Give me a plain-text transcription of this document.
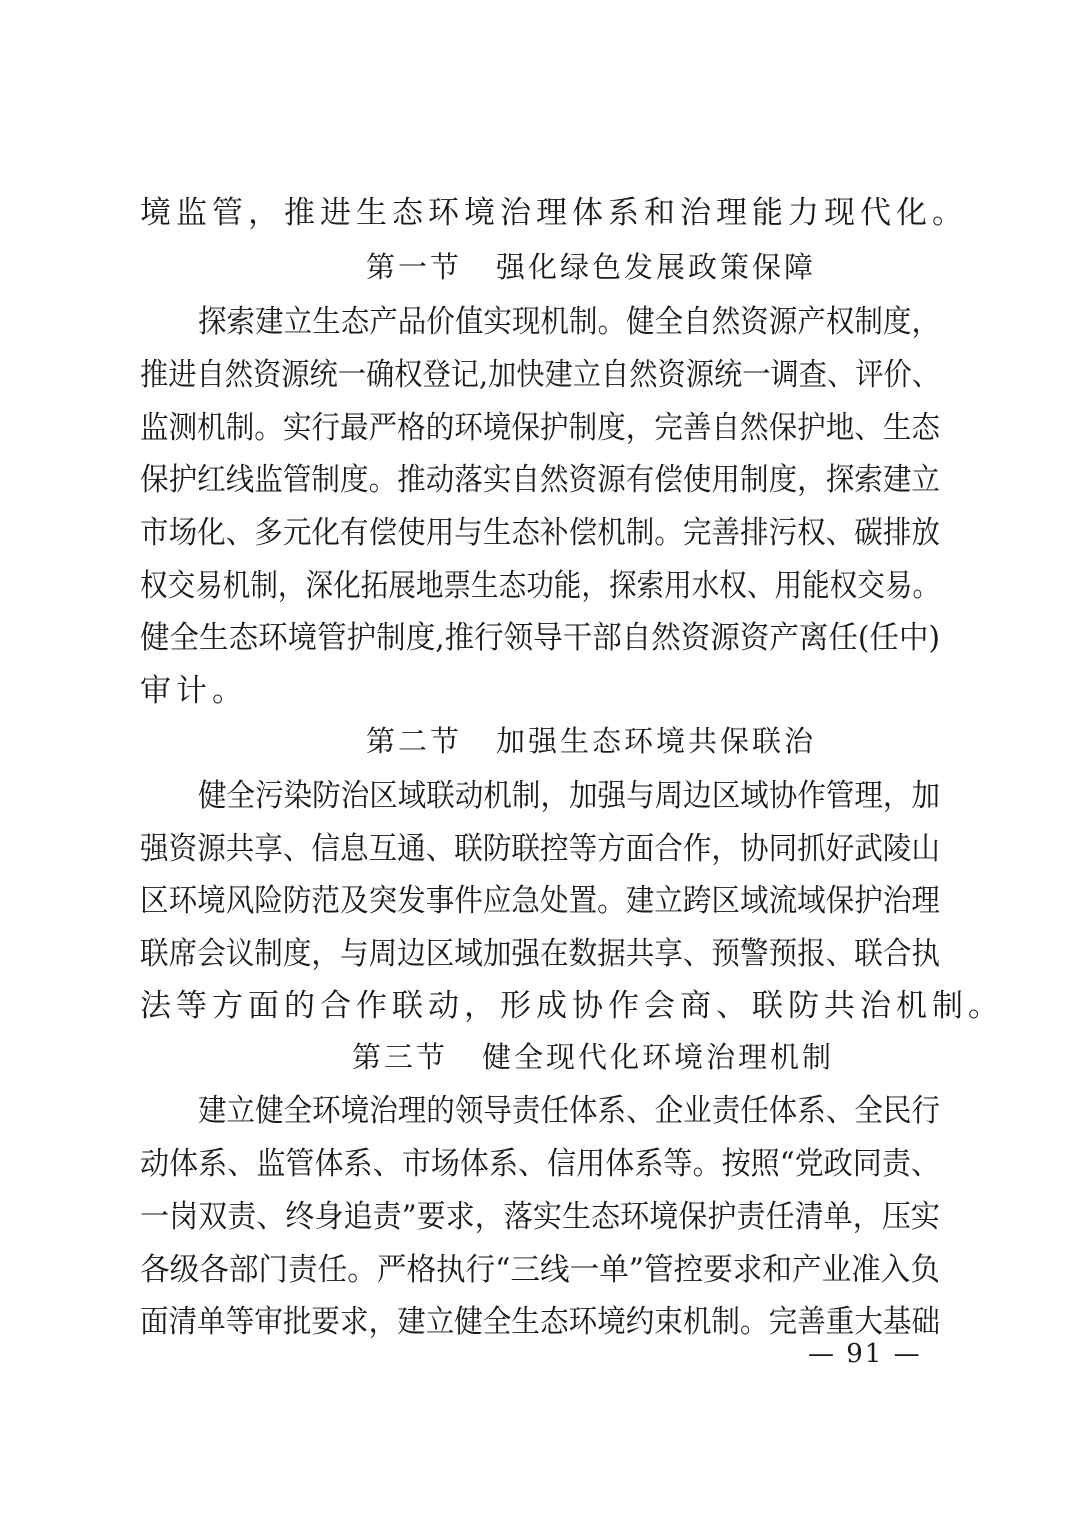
境监管，推进生态环境治理体系和治理能力现代化。
第一节 强化绿色发展政策保障
探索建立生态产品价值实现机制。健全自然资源产权制度，
推进自然资源统一确权登记,加快建立自然资源统一调查、评价、
监测机制。实行最严格的环境保护制度，完善自然保护地、生态
保护红线监管制度。推动落实自然资源有偿使用制度，探索建立
市场化、多元化有偿使用与生态补偿机制。完善排污权、碳排放
权交易机制，深化拓展地票生态功能，探索用水权、用能权交易。
健全生态环境管护制度,推行领导干部自然资源资产离任(任中)
审计。
第二节 加强生态环境共保联治
健全污染防治区域联动机制，加强与周边区域协作管理，加
强资源共享、信息互通、联防联控等方面合作，协同抓好武陵山
区环境风险防范及突发事件应急处置。建立跨区域流域保护治理
联席会议制度，与周边区域加强在数据共享、预警预报、联合执
法等方面的合作联动，形成协作会商、联防共治机制。
第三节 健全现代化环境治理机制
建立健全环境治理的领导责任体系、企业责任体系、全民行
动体系、监管体系、市场体系、信用体系等。按照“党政同责、
一岗双责、终身追责”要求，落实生态环境保护责任清单，压实
各级各部门责任。严格执行“三线一单”管控要求和产业准入负
面清单等审批要求，建立健全生态环境约束机制。完善重大基础
— 91 —
